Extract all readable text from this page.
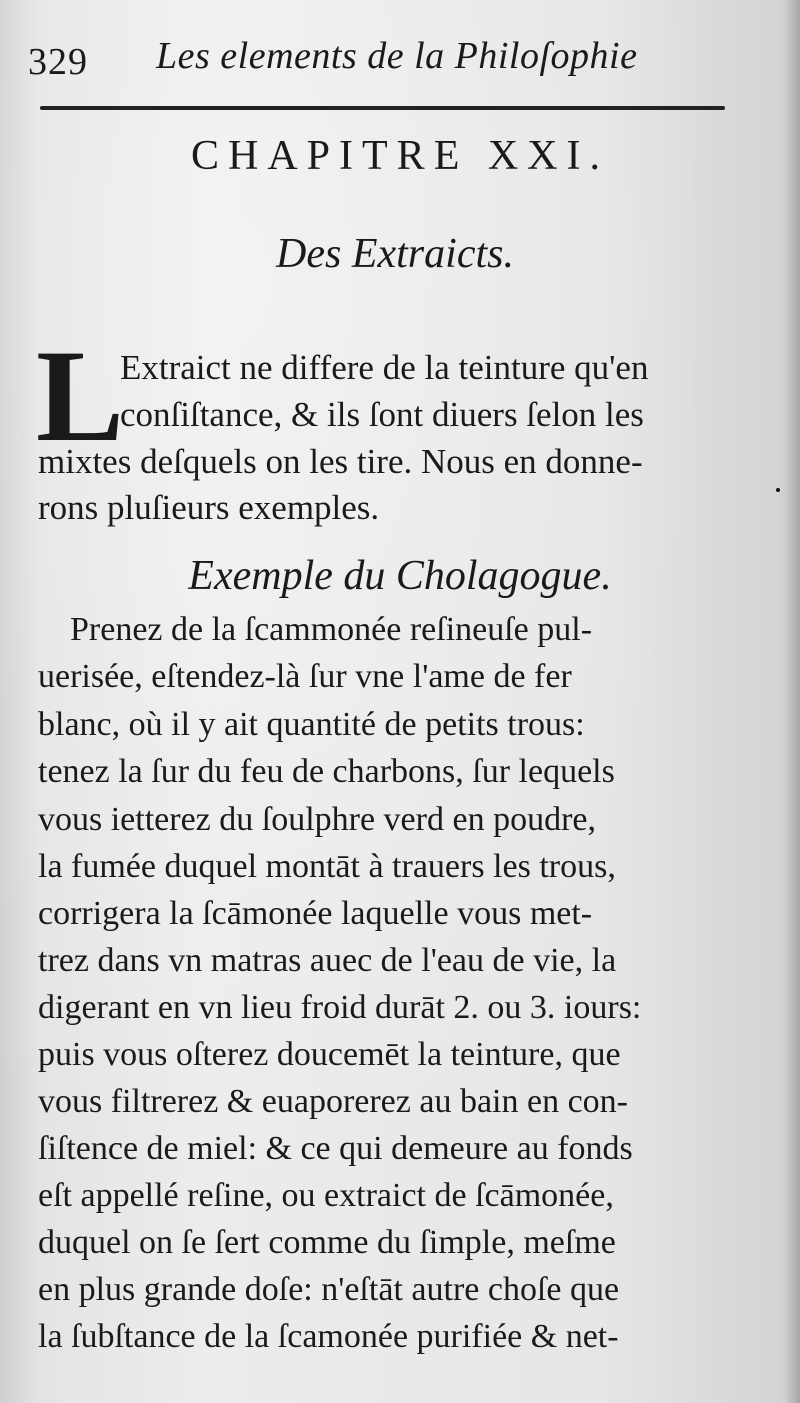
329 Les elements de la Philoſophie
CHAPITRE XXI.
Des Extraicts.
L
Extraict ne differe de la teinture qu'en
conſiſtance, & ils ſont diuers ſelon les
mixtes deſquels on les tire. Nous en donne-
rons pluſieurs exemples.
Exemple du Cholagogue.
Prenez de la ſcammonée reſineuſe pul-
uerisée, eſtendez-là ſur vne l'ame de fer
blanc, où il y ait quantité de petits trous:
tenez la ſur du feu de charbons, ſur lequels
vous ietterez du ſoulphre verd en poudre,
la fumée duquel montāt à trauers les trous,
corrigera la ſcāmonée laquelle vous met-
trez dans vn matras auec de l'eau de vie, la
digerant en vn lieu froid durāt 2. ou 3. iours:
puis vous oſterez doucemēt la teinture, que
vous filtrerez & euaporerez au bain en con-
ſiſtence de miel: & ce qui demeure au fonds
eſt appellé reſine, ou extraict de ſcāmonée,
duquel on ſe ſert comme du ſimple, meſme
en plus grande doſe: n'eſtāt autre choſe que
la ſubſtance de la ſcamonée purifiée & net-
